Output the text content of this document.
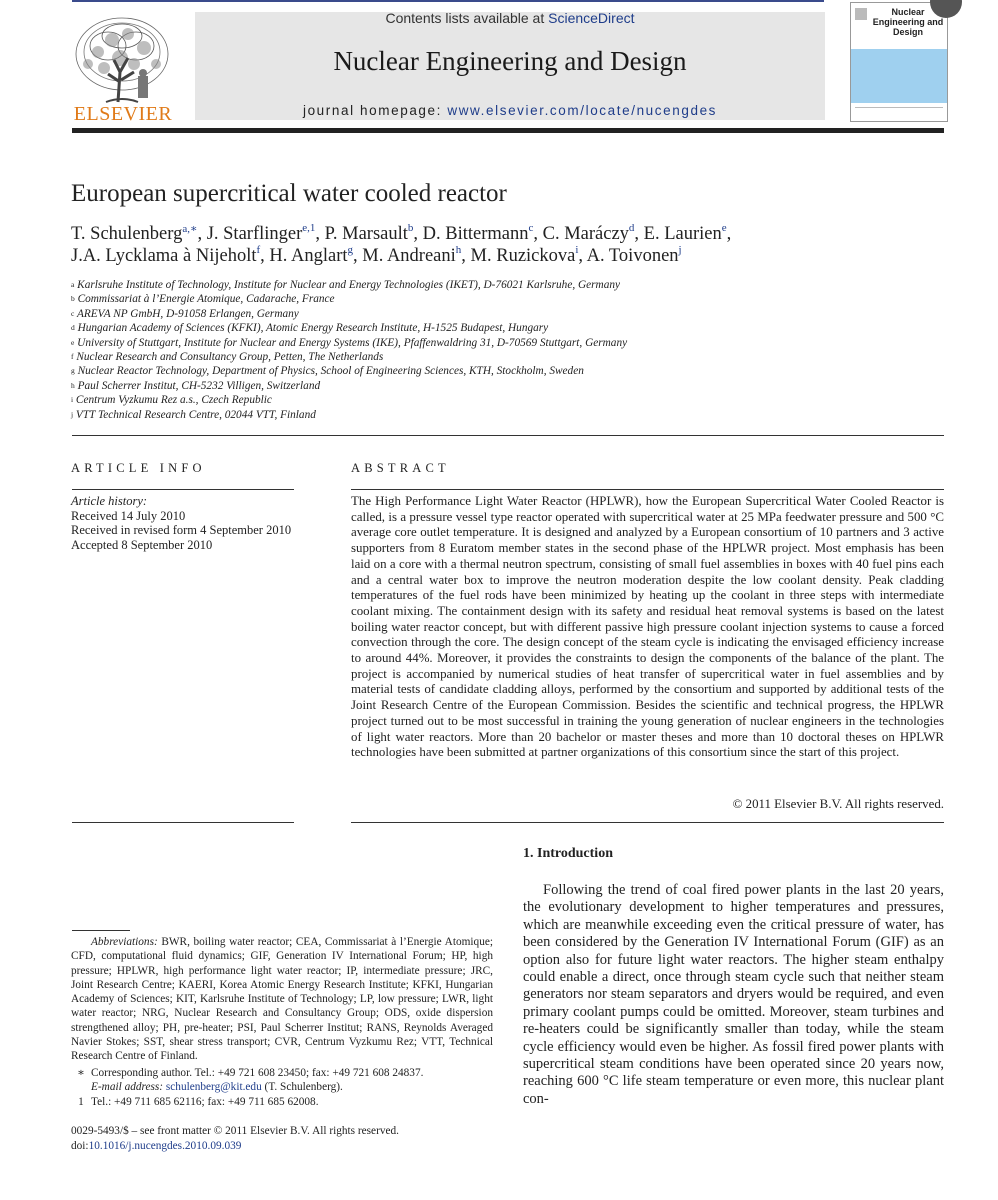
ELSEVIER
Contents lists available at ScienceDirect
Nuclear Engineering and Design
journal homepage: www.elsevier.com/locate/nucengdes
Nuclear Engineering and Design
European supercritical water cooled reactor
T. Schulenberg$^{a,∗}$, J. Starflinger$^{e,1}$, P. Marsault$^b$, D. Bittermann$^c$, C. Maráczy$^d$, E. Laurien$^e$,
J.A. Lycklama à Nijeholt$^f$, H. Anglart$^g$, M. Andreani$^h$, M. Ruzickova$^i$, A. Toivonen$^j$
$^a$ Karlsruhe Institute of Technology, Institute for Nuclear and Energy Technologies (IKET), D-76021 Karlsruhe, Germany
$^b$ Commissariat à l’Energie Atomique, Cadarache, France
$^c$ AREVA NP GmbH, D-91058 Erlangen, Germany
$^d$ Hungarian Academy of Sciences (KFKI), Atomic Energy Research Institute, H-1525 Budapest, Hungary
$^e$ University of Stuttgart, Institute for Nuclear and Energy Systems (IKE), Pfaffenwaldring 31, D-70569 Stuttgart, Germany
$^f$ Nuclear Research and Consultancy Group, Petten, The Netherlands
$^g$ Nuclear Reactor Technology, Department of Physics, School of Engineering Sciences, KTH, Stockholm, Sweden
$^h$ Paul Scherrer Institut, CH-5232 Villigen, Switzerland
$^i$ Centrum Vyzkumu Rez a.s., Czech Republic
$^j$ VTT Technical Research Centre, 02044 VTT, Finland
ARTICLE INFO
Article history:
Received 14 July 2010
Received in revised form 4 September 2010
Accepted 8 September 2010
ABSTRACT
The High Performance Light Water Reactor (HPLWR), how the European Supercritical Water Cooled Reactor is called, is a pressure vessel type reactor operated with supercritical water at 25 MPa feedwater pressure and 500 °C average core outlet temperature. It is designed and analyzed by a European consortium of 10 partners and 3 active supporters from 8 Euratom member states in the second phase of the HPLWR project. Most emphasis has been laid on a core with a thermal neutron spectrum, consisting of small fuel assemblies in boxes with 40 fuel pins each and a central water box to improve the neutron moderation despite the low coolant density. Peak cladding temperatures of the fuel rods have been minimized by heating up the coolant in three steps with intermediate coolant mixing. The containment design with its safety and residual heat removal systems is based on the latest boiling water reactor concept, but with different passive high pressure coolant injection systems to cause a forced convection through the core. The design concept of the steam cycle is indicating the envisaged efficiency increase to around 44%. Moreover, it provides the constraints to design the components of the balance of the plant. The project is accompanied by numerical studies of heat transfer of supercritical water in fuel assemblies and by material tests of candidate cladding alloys, performed by the consortium and supported by additional tests of the Joint Research Centre of the European Commission. Besides the scientific and technical progress, the HPLWR project turned out to be most successful in training the young generation of nuclear engineers in the technologies of light water reactors. More than 20 bachelor or master theses and more than 10 doctoral theses on HPLWR technologies have been submitted at partner organizations of this consortium since the start of this project.
© 2011 Elsevier B.V. All rights reserved.
1. Introduction
Following the trend of coal fired power plants in the last 20 years, the evolutionary development to higher temperatures and pressures, which are meanwhile exceeding even the critical pressure of water, has been considered by the Generation IV International Forum (GIF) as an option also for future light water reactors. The higher steam enthalpy could enable a direct, once through steam cycle such that neither steam generators nor steam separators and dryers would be required, and even primary coolant pumps could be omitted. Moreover, steam turbines and re-heaters could be significantly smaller than today, while the steam cycle efficiency would even be higher. As fossil fired power plants with supercritical steam conditions have been operated since 20 years now, reaching 600 °C life steam temperature or even more, this nuclear plant con-
Abbreviations: BWR, boiling water reactor; CEA, Commissariat à l’Energie Atomique; CFD, computational fluid dynamics; GIF, Generation IV International Forum; HP, high pressure; HPLWR, high performance light water reactor; IP, intermediate pressure; JRC, Joint Research Centre; KAERI, Korea Atomic Energy Research Institute; KFKI, Hungarian Academy of Sciences; KIT, Karlsruhe Institute of Technology; LP, low pressure; LWR, light water reactor; NRG, Nuclear Research and Consultancy Group; ODS, oxide dispersion strengthened alloy; PH, pre-heater; PSI, Paul Scherrer Institut; RANS, Reynolds Averaged Navier Stokes; SST, shear stress transport; CVR, Centrum Vyzkumu Rez; VTT, Technical Research Centre of Finland.
∗ Corresponding author. Tel.: +49 721 608 23450; fax: +49 721 608 24837.
E-mail address: schulenberg@kit.edu (T. Schulenberg).
1 Tel.: +49 711 685 62116; fax: +49 711 685 62008.
0029-5493/$ – see front matter © 2011 Elsevier B.V. All rights reserved.
doi:10.1016/j.nucengdes.2010.09.039
